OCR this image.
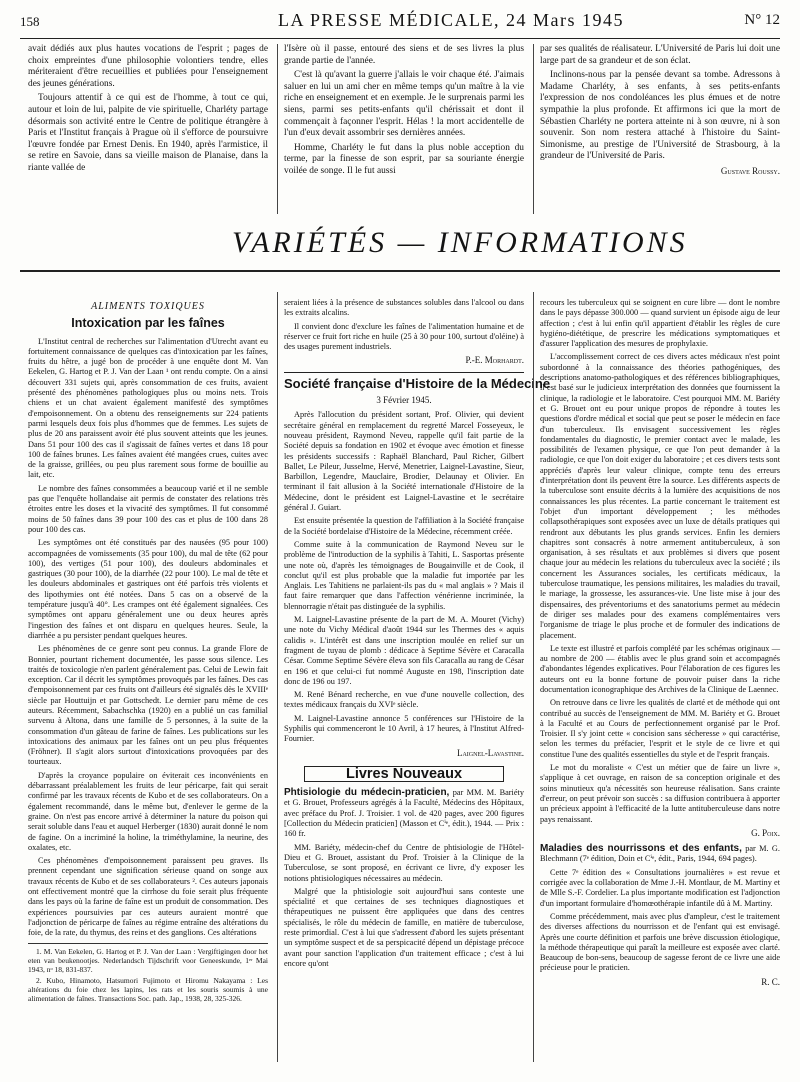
158	LA PRESSE MÉDICALE, 24 Mars 1945	N° 12

avait dédiés aux plus hautes vocations de l'esprit ; pages de choix empreintes d'une philosophie volontiers tendre, elles mériteraient d'être recueillies et publiées pour l'enseignement des jeunes générations.

Toujours attentif à ce qui est de l'homme, à tout ce qui, autour et loin de lui, palpite de vie spirituelle, Charléty partage désormais son activité entre le Centre de politique étrangère à Paris et l'Institut français à Prague où il s'efforce de poursuivre l'œuvre fondée par Ernest Denis. En 1940, après l'armistice, il se retire en Savoie, dans sa vieille maison de Planaise, dans la riante vallée de

l'Isère où il passe, entouré des siens et de ses livres la plus grande partie de l'année.

C'est là qu'avant la guerre j'allais le voir chaque été. J'aimais saluer en lui un ami cher en même temps qu'un maître à la vie riche en enseignement et en exemple. Je le surprenais parmi les siens, parmi ses petits-enfants qu'il chérissait et dont il commençait à façonner l'esprit. Hélas ! la mort accidentelle de l'un d'eux devait assombrir ses dernières années.

Homme, Charléty le fut dans la plus noble acception du terme, par la finesse de son esprit, par sa souriante énergie voilée de songe. Il le fut aussi

par ses qualités de réalisateur. L'Université de Paris lui doit une large part de sa grandeur et de son éclat.

Inclinons-nous par la pensée devant sa tombe. Adressons à Madame Charléty, à ses enfants, à ses petits-enfants l'expression de nos condoléances les plus émues et de notre sympathie la plus profonde. Et affirmons ici que la mort de Sébastien Charléty ne portera atteinte ni à son œuvre, ni à son souvenir. Son nom restera attaché à l'histoire du Saint-Simonisme, au prestige de l'Université de Strasbourg, à la grandeur de l'Université de Paris.

Gustave Roussy.
VARIÉTÉS — INFORMATIONS
ALIMENTS TOXIQUES
Intoxication par les faînes

L'Institut central de recherches sur l'alimentation d'Utrecht avant eu fortuitement connaissance de quelques cas d'intoxication par les faînes, fruits du hêtre, a jugé bon de procéder à une enquête dont M. Van Eekelen, G. Hartog et P. J. Van der Laan ¹ ont rendu compte. On a ainsi découvert 331 sujets qui, après consommation de ces fruits, avaient présenté des phénomènes pathologiques plus ou moins nets. Trois chiens et un chat avaient également manifesté des symptômes d'empoisonnement. On a obtenu des renseignements sur 224 patients parmi lesquels deux fois plus d'hommes que de femmes. Les sujets de plus de 20 ans paraissent avoir été plus souvent atteints que les jeunes. Dans 51 pour 100 des cas il s'agissait de faînes vertes et dans 18 pour 100 de faînes brunes. Les faînes avaient été mangées crues, cuites avec de la graisse, grillées, ou peu plus rarement sous forme de bouillie au lait, etc.

Le nombre des faînes consommées a beaucoup varié et il ne semble pas que l'enquête hollandaise ait permis de constater des relations très étroites entre les doses et la vivacité des symptômes. Il fut consommé moins de 50 faînes dans 39 pour 100 des cas et plus de 100 dans 28 pour 100 des cas.

Les symptômes ont été constitués par des nausées (95 pour 100) accompagnées de vomissements (35 pour 100), du mal de tête (62 pour 100), des vertiges (51 pour 100), des douleurs abdominales et gastriques (30 pour 100), de la diarrhée (22 pour 100). Le mal de tête et les douleurs abdominales et gastriques ont été parfois très violents et des lipothymies ont été notées. Dans 5 cas on a observé de la température jusqu'à 40°. Les crampes ont été également signalées. Ces symptômes ont apparu généralement une ou deux heures après l'ingestion des faînes et ont disparu en quelques heures. Seule, la diarrhée a pu persister pendant quelques heures.

Les phénomènes de ce genre sont peu connus. La grande Flore de Bonnier, pourtant richement documentée, les passe sous silence. Les traités de toxicologie n'en parlent généralement pas. Celui de Lewin fait exception. Car il décrit les symptômes provoqués par les faînes. Des cas d'empoisonnement par ces fruits ont d'ailleurs été signalés dès le XVIIIᵉ siècle par Houttuijn et par Gottschedt. Le dernier paru même de ces auteurs. Récemment, Sabachschka (1920) en a publié un cas familial survenu à Altona, dans une famille de 5 personnes, à la suite de la consommation d'un gâteau de farine de faînes. Les publications sur les intoxications des animaux par les faînes ont un peu plus fréquentes (Fröhner). Il s'agit alors surtout d'intoxications provoquées par des tourteaux.

D'après la croyance populaire on éviterait ces inconvénients en débarrassant préalablement les fruits de leur péricarpe, fait qui serait confirmé par les travaux récents de Kubo et de ses collaborateurs. On a également recommandé, dans le même but, d'enlever le germe de la graine. On n'est pas encore arrivé à déterminer la nature du poison qui serait soluble dans l'eau et auquel Herberger (1830) aurait donné le nom de fagine. On a incriminé la holine, la triméthylamine, la neurine, des oxalates, etc.

Ces phénomènes d'empoisonnement paraissent peu graves. Ils prennent cependant une signification sérieuse quand on songe aux travaux récents de Kubo et de ses collaborateurs ². Ces auteurs japonais ont effectivement montré que la cirrhose du foie serait plus fréquente dans les pays où la farine de faîne est un produit de consommation. Des expériences poursuivies par ces auteurs auraient montré que l'adjonction de péricarpe de faînes au régime entraîne des altérations du foie, de la rate, du thymus, des reins et des ganglions. Ces altérations

1. M. Van Eekelen, G. Hartog et P. J. Van der Laan : Vergiftigingen door het eten van beukenootjes. Nederlandsch Tijdschrift voor Geneeskunde, 1ᵉʳ Mai 1943, nᵒ 18, 831-837.

2. Kubo, Hinamoto, Hatsumori Fujimoto et Hiromu Nakayama : Les altérations du foie chez les lapins, les rats et les souris soumis à une alimentation de faînes. Transactions Soc. path. Jap., 1938, 28, 325-326.

seraient liées à la présence de substances solubles dans l'alcool ou dans les extraits alcalins.

Il convient donc d'exclure les faînes de l'alimentation humaine et de réserver ce fruit fort riche en huile (25 à 30 pour 100, surtout d'oléine) à des usages purement industriels.

P.-E. Morhardt.
Société française d'Histoire de la Médecine
3 Février 1945.

Après l'allocution du président sortant, Prof. Olivier, qui devient secrétaire général en remplacement du regretté Marcel Fosseyeux, le nouveau président, Raymond Neveu, rappelle qu'il fait partie de la Société depuis sa fondation en 1902 et évoque avec émotion et finesse les présidents successifs : Raphaël Blanchard, Paul Richer, Gilbert Ballet, Le Pileur, Jusselme, Hervé, Menetrier, Laignel-Lavastine, Sieur, Barbillon, Legendre, Mauclaire, Brodier, Delaunay et Olivier. En terminant il fait allusion à la Société internationale d'Histoire de la Médecine, dont le président est Laignel-Lavastine et le secrétaire général J. Guiart.

Est ensuite présentée la question de l'affiliation à la Société française de la Société bordelaise d'Histoire de la Médecine, récemment créée.

Comme suite à la communication de Raymond Neveu sur le problème de l'introduction de la syphilis à Tahiti, L. Sasportas présente une note où, d'après les témoignages de Bougainville et de Cook, il conclut qu'il est plus probable que la maladie fut importée par les Anglais. Les Tahitiens ne parlaient-ils pas du « mal anglais » ? Mais il faut faire remarquer que dans l'affection vénérienne incriminée, la blennorragie n'était pas distinguée de la syphilis.

M. Laignel-Lavastine présente de la part de M. A. Mouret (Vichy) une note du Vichy Médical d'août 1944 sur les Thermes des « aquis calidis ». L'intérêt est dans une inscription moulée en relief sur un fragment de tuyau de plomb : dédicace à Septime Sévère et Caracalla César. Comme Septime Sévère éleva son fils Caracalla au rang de César en 196 et que celui-ci fut nommé Auguste en 198, l'inscription date donc de 196 ou 197.

M. René Bénard recherche, en vue d'une nouvelle collection, des textes médicaux français du XVIᵉ siècle.

M. Laignel-Lavastine annonce 5 conférences sur l'Histoire de la Syphilis qui commenceront le 10 Avril, à 17 heures, à l'Institut Alfred-Fournier.

Laignel-Lavastine.
Livres Nouveaux

Phtisiologie du médecin-praticien, par MM. M. Bariéty et G. Brouet, Professeurs agrégés à la Faculté, Médecins des Hôpitaux, avec préface du Prof. J. Troisier. 1 vol. de 420 pages, avec 200 figures [Collection du Médecin praticien] (Masson et Cⁱᵉ, édit.), 1944. — Prix : 160 fr.

MM. Bariéty, médecin-chef du Centre de phtisiologie de l'Hôtel-Dieu et G. Brouet, assistant du Prof. Troisier à la Clinique de la Tuberculose, se sont proposé, en écrivant ce livre, d'y exposer les notions phtisiologiques nécessaires au médecin.

Malgré que la phtisiologie soit aujourd'hui sans conteste une spécialité et que certaines de ses techniques diagnostiques et thérapeutiques ne puissent être appliquées que dans des centres spécialisés, le rôle du médecin de famille, en matière de tuberculose, reste primordial. C'est à lui que s'adressent d'abord les sujets présentant un symptôme suspect et de sa perspicacité dépend un dépistage précoce avant pour sanction l'application d'un traitement efficace ; c'est à lui encore qu'ont

recours les tuberculeux qui se soignent en cure libre — dont le nombre dans le pays dépasse 300.000 — quand survient un épisode aigu de leur affection ; c'est à lui enfin qu'il appartient d'établir les règles de cure hygiéno-diététique, de prescrire les médications symptomatiques et d'assurer l'application des mesures de prophylaxie.

L'accomplissement correct de ces divers actes médicaux n'est point subordonné à la connaissance des théories pathogéniques, des descriptions anatomo-pathologiques et des références bibliographiques, il est basé sur le judicieux interprétation des données que fournissent la clinique, la radiologie et le laboratoire. C'est pourquoi MM. M. Bariéty et G. Brouet ont eu pour unique propos de répondre à toutes les questions d'ordre médical et social que peut se poser le médecin en face d'un tuberculeux. Ils envisagent successivement les règles fondamentales du diagnostic, le premier contact avec le malade, les possibilités de l'examen physique, ce que l'on peut demander à la radiologie, ce que l'on doit exiger du laboratoire ; et ces divers tests sont appréciés d'après leur valeur clinique, compte tenu des erreurs d'interprétation dont ils peuvent être la source. Les différents aspects de la tuberculose sont ensuite décrits à la lumière des acquisitions de nos connaissances les plus récentes. La partie concernant le traitement est l'objet d'un important développement ; les méthodes collapsothérapiques sont exposées avec un luxe de détails pratiques qui rendront aux débutants les plus grands services. Enfin les derniers chapitres sont consacrés à notre armement antituberculeux, à son organisation, à ses résultats et aux problèmes si divers que posent chaque jour au médecin les relations du tuberculeux avec la société ; ils concernent les Assurances sociales, les certificats médicaux, la tuberculose traumatique, les pensions militaires, les maladies du travail, le mariage, la grossesse, les assurances-vie. Une liste mise à jour des dispensaires, des préventoriums et des sanatoriums permet au médecin de diriger ses malades pour des examens complémentaires vers l'organisme de triage le plus proche et de formuler des indications de placement.

Le texte est illustré et parfois complété par les schémas originaux — au nombre de 200 — établis avec le plus grand soin et accompagnés d'abondantes légendes explicatives. Pour l'élaboration de ces figures les auteurs ont eu la bonne fortune de pouvoir puiser dans la riche documentation iconographique des Archives de la Clinique de Laennec.

On retrouve dans ce livre les qualités de clarté et de méthode qui ont contribué au succès de l'enseignement de MM. M. Bariéty et G. Brouet à la Faculté et au Cours de perfectionnement organisé par le Prof. Troisier. Il s'y joint cette « concision sans sécheresse » qui caractérise, selon les termes du préfacier, l'esprit et le style de ce livre et qui constitue l'une des qualités essentielles du style et de l'esprit français.

Le mot du moraliste « C'est un métier que de faire un livre », s'applique à cet ouvrage, en raison de sa conception originale et des soins minutieux qu'a nécessités son heureuse réalisation. Sans crainte d'erreur, on peut prévoir son succès : sa diffusion contribuera à apporter un précieux appoint à l'efficacité de la lutte antituberculeuse dans notre pays renaissant.

G. Poix.

Maladies des nourrissons et des enfants, par M. G. Blechmann (7ᵉ édition, Doin et Cⁱᵉ, édit., Paris, 1944, 694 pages).

Cette 7ᵉ édition des « Consultations journalières » est revue et corrigée avec la collaboration de Mme J.-H. Montlaur, de M. Martiny et de Mlle S.-F. Cordelier. La plus importante modification est l'adjonction d'un important formulaire d'homœothérapie infantile dû à M. Martiny.

Comme précédemment, mais avec plus d'ampleur, c'est le traitement des diverses affections du nourrisson et de l'enfant qui est envisagé. Après une courte définition et parfois une brève discussion étiologique, la méthode thérapeutique qui paraît la meilleure est exposée avec clarté. Beaucoup de bon-sens, beaucoup de sagesse feront de ce livre une aide précieuse pour le praticien.

R. C.
